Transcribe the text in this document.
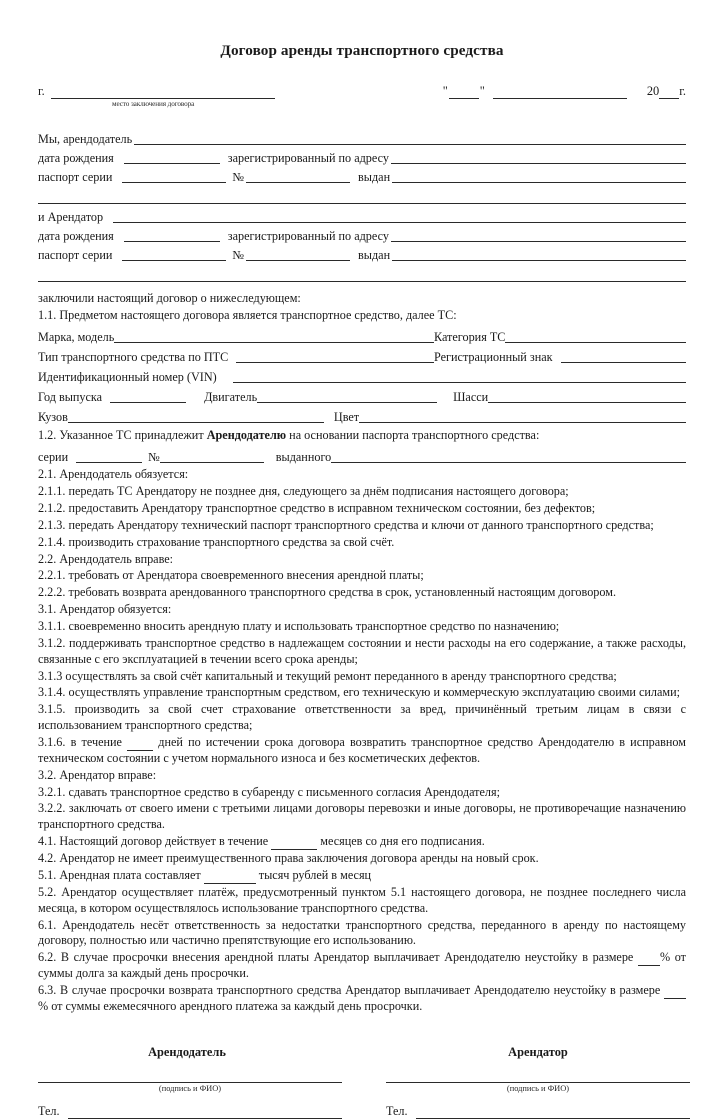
Договор аренды транспортного средства
г.	"	"	20 г.
место заключения договора
Мы, арендодатель
дата рождения	зарегистрированный по адресу
паспорт серии	№	выдан
и Арендатор
дата рождения	зарегистрированный по адресу
паспорт серии	№	выдан
заключили настоящий договор о нижеследующем:
1.1. Предметом настоящего договора является транспортное средство, далее ТС:
Марка, модель	Категория ТС
Тип транспортного средства по ПТС	Регистрационный знак
Идентификационный номер (VIN)
Год выпуска	Двигатель	Шасси
Кузов	Цвет
1.2. Указанное ТС принадлежит Арендодателю на основании паспорта транспортного средства:
серии	№	выданного
2.1. Арендодатель обязуется:
2.1.1. передать ТС Арендатору не позднее дня, следующего за днём подписания настоящего договора;
2.1.2. предоставить Арендатору транспортное средство в исправном техническом состоянии, без дефектов;
2.1.3. передать Арендатору технический паспорт транспортного средства и ключи от данного транспортного средства;
2.1.4. производить страхование транспортного средства за свой счёт.
2.2. Арендодатель вправе:
2.2.1. требовать от Арендатора своевременного внесения арендной платы;
2.2.2. требовать возврата арендованного транспортного средства в срок, установленный настоящим договором.
3.1. Арендатор обязуется:
3.1.1. своевременно вносить арендную плату и использовать транспортное средство по назначению;
3.1.2. поддерживать транспортное средство в надлежащем состоянии и нести расходы на его содержание, а также расходы, связанные с его эксплуатацией в течении всего срока аренды;
3.1.3 осуществлять за свой счёт капитальный и текущий ремонт переданного в аренду транспортного средства;
3.1.4. осуществлять управление транспортным средством, его техническую и коммерческую эксплуатацию своими силами;
3.1.5. производить за свой счет страхование ответственности за вред, причинённый третьим лицам в связи с использованием транспортного средства;
3.1.6. в течение  дней по истечении срока договора возвратить транспортное средство Арендодателю в исправном техническом состоянии с учетом нормального износа и без косметических дефектов.
3.2. Арендатор вправе:
3.2.1. сдавать транспортное средство в субаренду с письменного согласия Арендодателя;
3.2.2. заключать от своего имени с третьими лицами договоры перевозки и иные договоры, не противоречащие назначению транспортного средства.
4.1. Настоящий договор действует в течение	месяцев со дня его подписания.
4.2. Арендатор не имеет преимущественного права заключения договора аренды на новый срок.
5.1. Арендная плата составляет	тысяч рублей в месяц
5.2. Арендатор осуществляет платёж, предусмотренный пунктом 5.1 настоящего договора, не позднее последнего числа месяца, в котором осуществлялось использование транспортного средства.
6.1. Арендодатель несёт ответственность за недостатки транспортного средства, переданного в аренду по настоящему договору, полностью или частично препятствующие его использованию.
6.2. В случае просрочки внесения арендной платы Арендатор выплачивает Арендодателю неустойку в размере % от суммы долга за каждый день просрочки.
6.3. В случае просрочки возврата транспортного средства Арендатор выплачивает Арендодателю неустойку в размере % от суммы ежемесячного арендного платежа за каждый день просрочки.
Арендодатель
(подпись и ФИО)
Тел.
Арендатор
(подпись и ФИО)
Тел.
